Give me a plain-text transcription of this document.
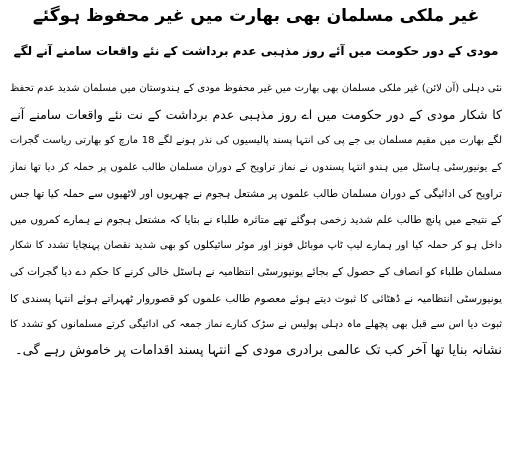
غیر ملکی مسلمان بھی بھارت میں غیر محفوظ ہوگئے
مودی کے دور حکومت میں آئے روز مذہبی عدم برداشت کے نئے واقعات سامنے آنے لگے
نئی دہلی (آن لائن) غیر ملکی مسلمان بھی بھارت میں غیر محفوظ مودی کے ہندوستان میں مسلمان شدید عدم تحفظ
کا شکار مودی کے دور حکومت میں اے روز مذہبی عدم برداشت کے نت نئے واقعات سامنے آنے
لگے بھارت میں مقیم مسلمان بی جے پی کی انتہا پسند پالیسیوں کی نذر ہونے لگے 18 مارچ کو بھارتی ریاست گجرات
کے یونیورسٹی ہاسٹل میں ہندو انتہا پسندوں نے نماز تراویح کے دوران مسلمان طالب علموں پر حملہ کر دیا تھا نماز
تراویح کی ادائیگی کے دوران مسلمان طالب علموں پر مشتعل ہجوم نے چھریوں اور لاٹھیوں سے حملہ کیا تھا جس
کے نتیجے میں پانچ طالب علم شدید زخمی ہوگئے تھے متاثرہ طلباء نے بتایا کہ مشتعل ہجوم نے ہمارے کمروں میں
داخل ہو کر حملہ کیا اور ہمارے لیپ ٹاپ موبائل فونز اور موٹر سائیکلوں کو بھی شدید نقصان پہنچایا تشدد کا شکار
مسلمان طلباء کو انصاف کے حصول کے بجائے یونیورسٹی انتظامیہ نے ہاسٹل خالی کرنے کا حکم دے دیا گجرات کی
یونیورسٹی انتظامیہ نے ڈھٹائی کا ثبوت دیتے ہوئے معصوم طالب علموں کو قصوروار ٹھہراتے ہوئے انتہا پسندی کا
ثبوت دیا اس سے قبل بھی پچھلے ماہ دہلی پولیس نے سڑک کنارے نماز جمعہ کی ادائیگی کرتے مسلمانوں کو تشدد کا
نشانہ بنایا تھا آخر کب تک عالمی برادری مودی کے انتہا پسند اقدامات پر خاموش رہے گی۔
